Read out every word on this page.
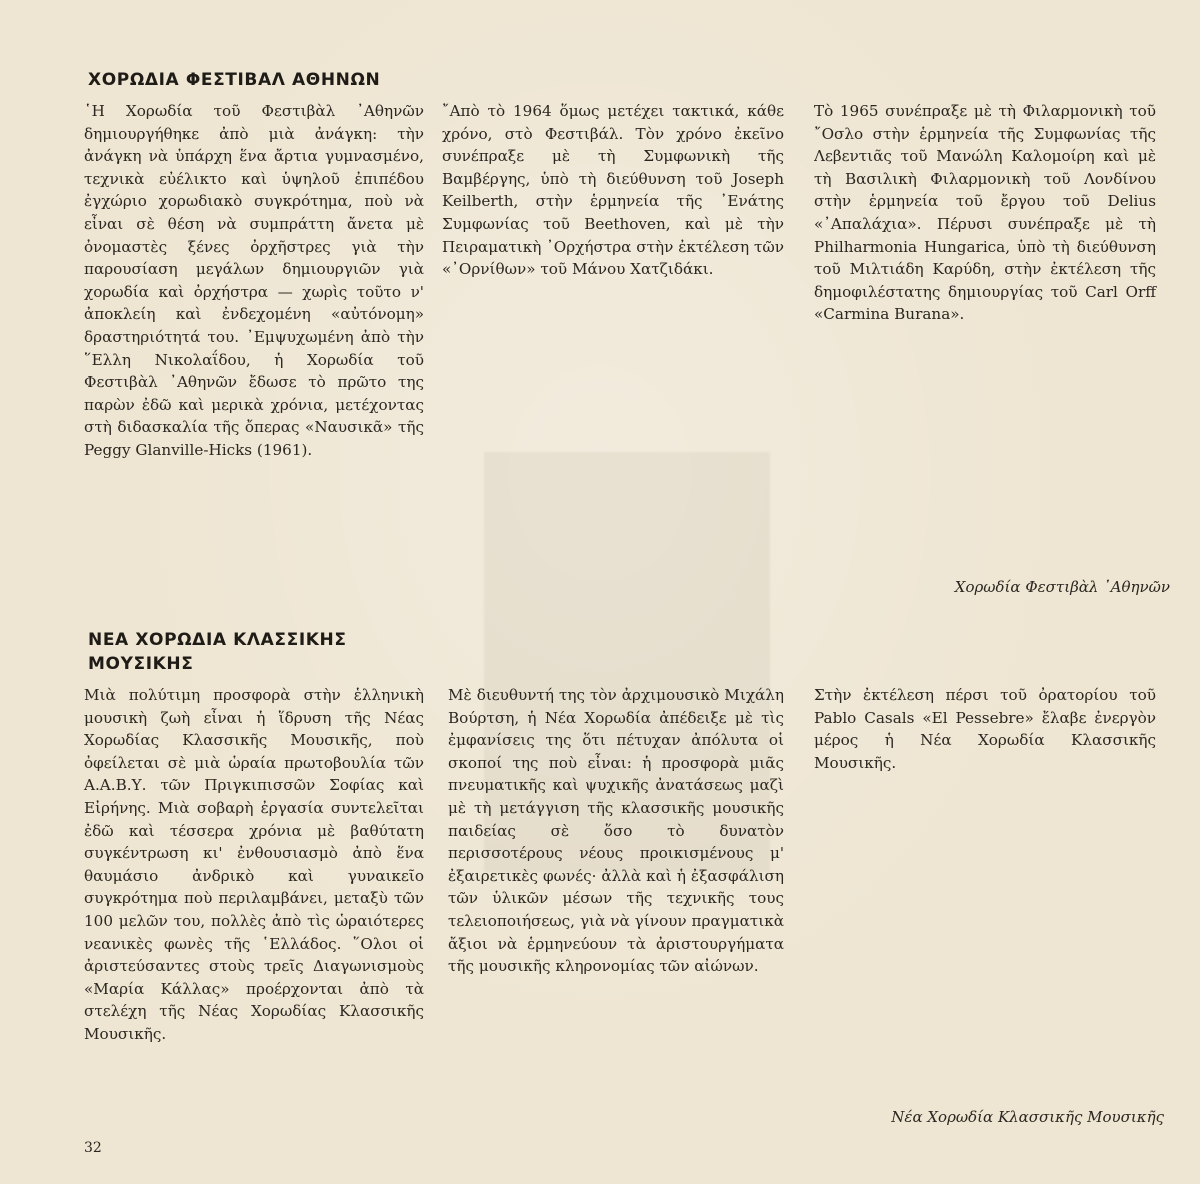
ΧΟΡΩΔΙΑ ΦΕΣΤΙΒΑΛ ΑΘΗΝΩΝ

῾Η Χορωδία τοῦ Φεστιβὰλ ᾿Αθηνῶν δημιουργήθηκε ἀπὸ μιὰ ἀνάγκη: τὴν ἀνάγκη νὰ ὑπάρχη ἕνα ἄρτια γυμνασμένο, τεχνικὰ εὐέλικτο καὶ ὑψηλοῦ ἐπιπέδου ἐγχώριο χορωδιακὸ συγκρότημα, ποὺ νὰ εἶναι σὲ θέση νὰ συμπράττη ἄνετα μὲ ὀνομαστὲς ξένες ὀρχῆστρες γιὰ τὴν παρουσίαση μεγάλων δημιουργιῶν γιὰ χορωδία καὶ ὀρχήστρα — χωρὶς τοῦτο ν' ἀποκλείη καὶ ἐνδεχομένη «αὐτόνομη» δραστηριότητά του. ᾿Εμψυχωμένη ἀπὸ τὴν ῞Ελλη Νικολαΐδου, ἡ Χορωδία τοῦ Φεστιβὰλ ᾿Αθηνῶν ἔδωσε τὸ πρῶτο της παρὼν ἐδῶ καὶ μερικὰ χρόνια, μετέχοντας στὴ διδασκαλία τῆς ὄπερας «Ναυσικᾶ» τῆς Peggy Glanville-Hicks (1961).

῎Απὸ τὸ 1964 ὅμως μετέχει τακτικά, κάθε χρόνο, στὸ Φεστιβάλ. Τὸν χρόνο ἐκεῖνο συνέπραξε μὲ τὴ Συμφωνικὴ τῆς Βαμβέργης, ὑπὸ τὴ διεύθυνση τοῦ Joseph Keilberth, στὴν ἑρμηνεία τῆς ᾿Ενάτης Συμφωνίας τοῦ Beethoven, καὶ μὲ τὴν Πειραματικὴ ᾿Ορχήστρα στὴν ἐκτέλεση τῶν «᾿Ορνίθων» τοῦ Μάνου Χατζιδάκι.

Τὸ 1965 συνέπραξε μὲ τὴ Φιλαρμονικὴ τοῦ ῎Οσλο στὴν ἑρμηνεία τῆς Συμφωνίας τῆς Λεβεντιᾶς τοῦ Μανώλη Καλομοίρη καὶ μὲ τὴ Βασιλικὴ Φιλαρμονικὴ τοῦ Λονδίνου στὴν ἑρμηνεία τοῦ ἔργου τοῦ Delius «᾿Απαλάχια». Πέρυσι συνέπραξε μὲ τὴ Philharmonia Hungarica, ὑπὸ τὴ διεύθυνση τοῦ Μιλτιάδη Καρύδη, στὴν ἐκτέλεση τῆς δημοφιλέστατης δημιουργίας τοῦ Carl Orff «Carmina Burana».

Χορωδία Φεστιβὰλ ᾿Αθηνῶν
ΝΕΑ ΧΟΡΩΔΙΑ ΚΛΑΣΣΙΚΗΣ
ΜΟΥΣΙΚΗΣ

Μιὰ πολύτιμη προσφορὰ στὴν ἑλληνικὴ μουσικὴ ζωὴ εἶναι ἡ ἵδρυση τῆς Νέας Χορωδίας Κλασσικῆς Μουσικῆς, ποὺ ὀφείλεται σὲ μιὰ ὡραία πρωτοβουλία τῶν Α.Α.Β.Υ. τῶν Πριγκιπισσῶν Σοφίας καὶ Εἰρήνης. Μιὰ σοβαρὴ ἐργασία συντελεῖται ἐδῶ καὶ τέσσερα χρόνια μὲ βαθύτατη συγκέντρωση κι' ἐνθουσιασμὸ ἀπὸ ἕνα θαυμάσιο ἀνδρικὸ καὶ γυναικεῖο συγκρότημα ποὺ περιλαμβάνει, μεταξὺ τῶν 100 μελῶν του, πολλὲς ἀπὸ τὶς ὡραιότερες νεανικὲς φωνὲς τῆς ῾Ελλάδος. ῞Ολοι οἱ ἀριστεύσαντες στοὺς τρεῖς Διαγωνισμοὺς «Μαρία Κάλλας» προέρχονται ἀπὸ τὰ στελέχη τῆς Νέας Χορωδίας Κλασσικῆς Μουσικῆς.

Μὲ διευθυντή της τὸν ἀρχιμουσικὸ Μιχάλη Βούρτση, ἡ Νέα Χορωδία ἀπέδειξε μὲ τὶς ἐμφανίσεις της ὅτι πέτυχαν ἀπόλυτα οἱ σκοποί της ποὺ εἶναι: ἡ προσφορὰ μιᾶς πνευματικῆς καὶ ψυχικῆς ἀνατάσεως μαζὶ μὲ τὴ μετάγγιση τῆς κλασσικῆς μουσικῆς παιδείας σὲ ὅσο τὸ δυνατὸν περισσοτέρους νέους προικισμένους μ' ἐξαιρετικὲς φωνές· ἀλλὰ καὶ ἡ ἐξασφάλιση τῶν ὑλικῶν μέσων τῆς τεχνικῆς τους τελειοποιήσεως, γιὰ νὰ γίνουν πραγματικὰ ἄξιοι νὰ ἑρμηνεύουν τὰ ἀριστουργήματα τῆς μουσικῆς κληρονομίας τῶν αἰώνων.

Στὴν ἐκτέλεση πέρσι τοῦ ὀρατορίου τοῦ Pablo Casals «El Pessebre» ἔλαβε ἐνεργὸν μέρος ἡ Νέα Χορωδία Κλασσικῆς Μουσικῆς.

Νέα Χορωδία Κλασσικῆς Μουσικῆς
32
